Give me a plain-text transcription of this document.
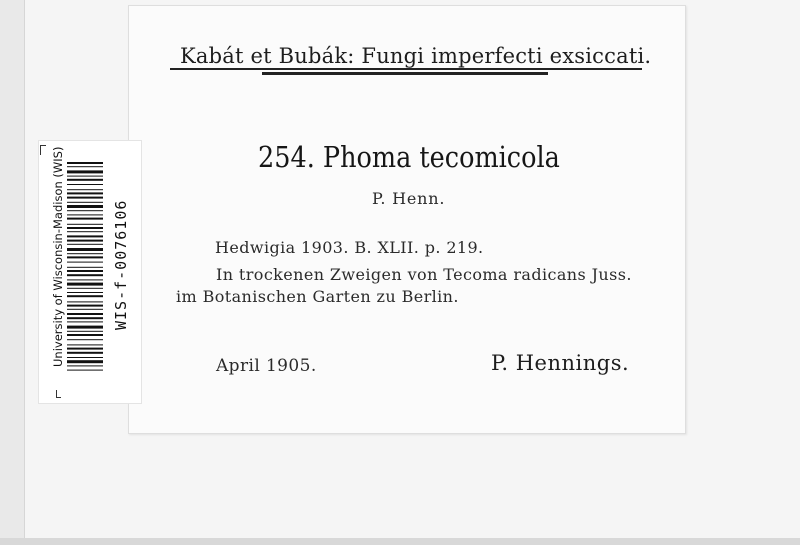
Kabát et Bubák: Fungi imperfecti exsiccati.
254. Phoma tecomicola
P. Henn.
Hedwigia 1903. B. XLII. p. 219.
In trockenen Zweigen von Tecoma radicans Juss.
im Botanischen Garten zu Berlin.
April 1905.	P. Hennings.
University of Wisconsin-Madison (WIS)	WIS-f-0076106
